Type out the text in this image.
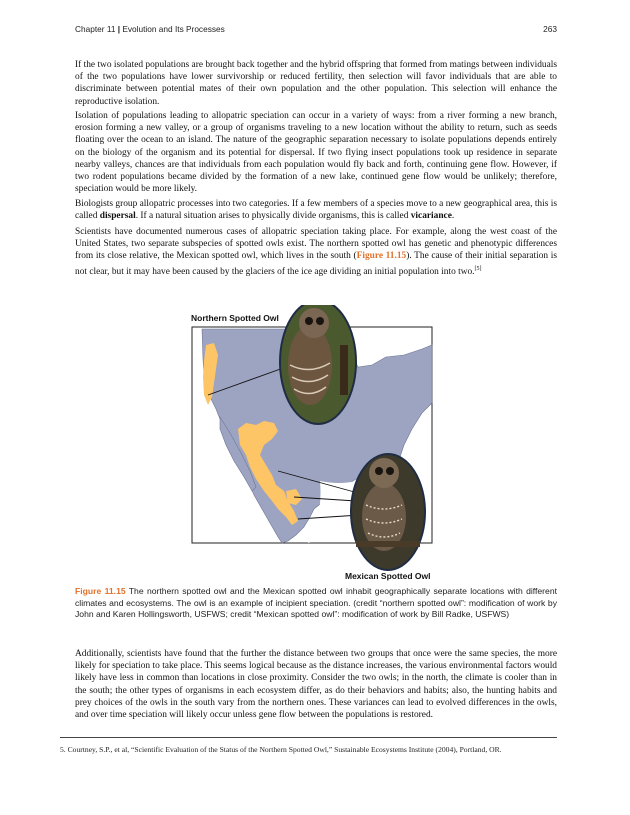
Chapter 11 | Evolution and Its Processes	263

If the two isolated populations are brought back together and the hybrid offspring that formed from matings between individuals of the two populations have lower survivorship or reduced fertility, then selection will favor individuals that are able to discriminate between potential mates of their own population and the other population. This selection will enhance the reproductive isolation.

Isolation of populations leading to allopatric speciation can occur in a variety of ways: from a river forming a new branch, erosion forming a new valley, or a group of organisms traveling to a new location without the ability to return, such as seeds floating over the ocean to an island. The nature of the geographic separation necessary to isolate populations depends entirely on the biology of the organism and its potential for dispersal. If two flying insect populations took up residence in separate nearby valleys, chances are that individuals from each population would fly back and forth, continuing gene flow. However, if two rodent populations became divided by the formation of a new lake, continued gene flow would be unlikely; therefore, speciation would be more likely.

Biologists group allopatric processes into two categories. If a few members of a species move to a new geographical area, this is called dispersal. If a natural situation arises to physically divide organisms, this is called vicariance.

Scientists have documented numerous cases of allopatric speciation taking place. For example, along the west coast of the United States, two separate subspecies of spotted owls exist. The northern spotted owl has genetic and phenotypic differences from its close relative, the Mexican spotted owl, which lives in the south (Figure 11.15). The cause of their initial separation is not clear, but it may have been caused by the glaciers of the ice age dividing an initial population into two.[5]

Northern Spotted Owl
Mexican Spotted Owl

Figure 11.15 The northern spotted owl and the Mexican spotted owl inhabit geographically separate locations with different climates and ecosystems. The owl is an example of incipient speciation. (credit “northern spotted owl”: modification of work by John and Karen Hollingsworth, USFWS; credit “Mexican spotted owl”: modification of work by Bill Radke, USFWS)

Additionally, scientists have found that the further the distance between two groups that once were the same species, the more likely for speciation to take place. This seems logical because as the distance increases, the various environmental factors would likely have less in common than locations in close proximity. Consider the two owls; in the north, the climate is cooler than in the south; the other types of organisms in each ecosystem differ, as do their behaviors and habits; also, the hunting habits and prey choices of the owls in the south vary from the northern ones. These variances can lead to evolved differences in the owls, and over time speciation will likely occur unless gene flow between the populations is restored.

5. Courtney, S.P., et al, “Scientific Evaluation of the Status of the Northern Spotted Owl,” Sustainable Ecosystems Institute (2004), Portland, OR.
